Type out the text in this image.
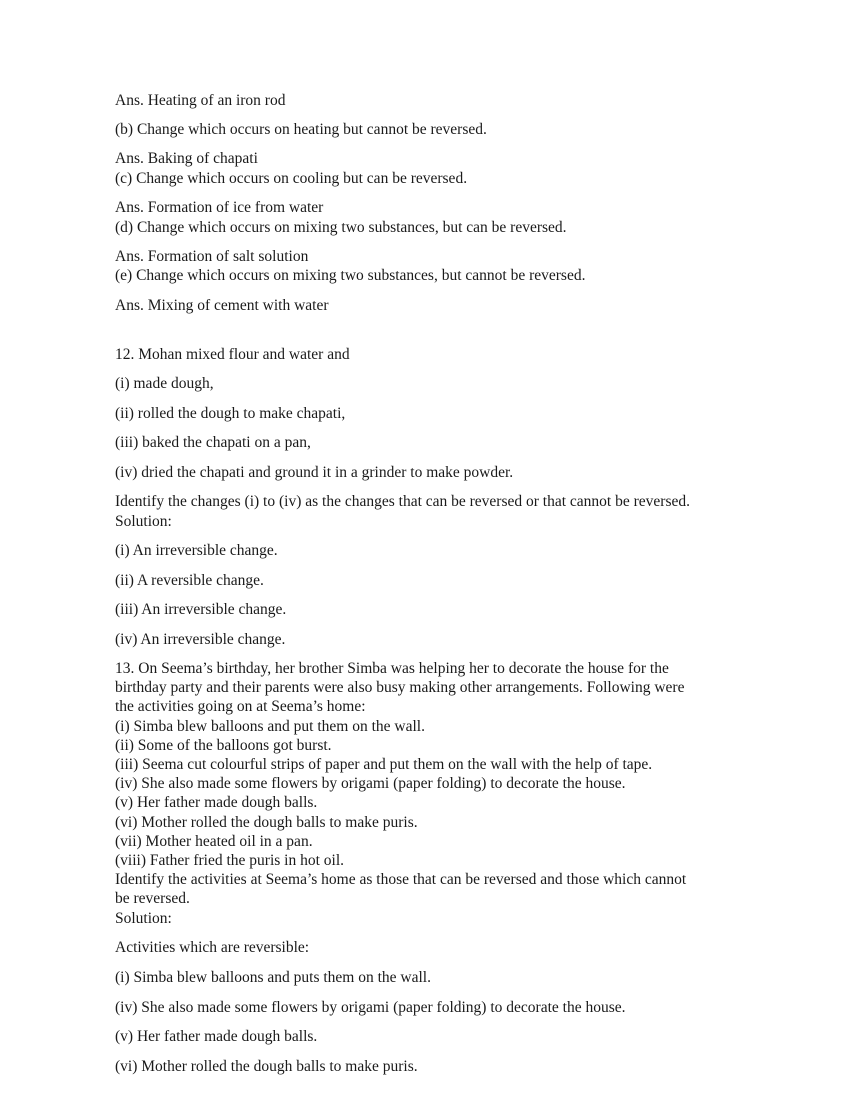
Ans. Heating of an iron rod
(b) Change which occurs on heating but cannot be reversed.
Ans. Baking of chapati
(c) Change which occurs on cooling but can be reversed.
Ans. Formation of ice from water
(d) Change which occurs on mixing two substances, but can be reversed.
Ans. Formation of salt solution
(e) Change which occurs on mixing two substances, but cannot be reversed.
Ans. Mixing of cement with water
12. Mohan mixed flour and water and
(i) made dough,
(ii) rolled the dough to make chapati,
(iii) baked the chapati on a pan,
(iv) dried the chapati and ground it in a grinder to make powder.
Identify the changes (i) to (iv) as the changes that can be reversed or that cannot be reversed.
Solution:
(i) An irreversible change.
(ii) A reversible change.
(iii) An irreversible change.
(iv) An irreversible change.
13. On Seema’s birthday, her brother Simba was helping her to decorate the house for the
birthday party and their parents were also busy making other arrangements. Following were
the activities going on at Seema’s home:
(i) Simba blew balloons and put them on the wall.
(ii) Some of the balloons got burst.
(iii) Seema cut colourful strips of paper and put them on the wall with the help of tape.
(iv) She also made some flowers by origami (paper folding) to decorate the house.
(v) Her father made dough balls.
(vi) Mother rolled the dough balls to make puris.
(vii) Mother heated oil in a pan.
(viii) Father fried the puris in hot oil.
Identify the activities at Seema’s home as those that can be reversed and those which cannot
be reversed.
Solution:
Activities which are reversible:
(i) Simba blew balloons and puts them on the wall.
(iv) She also made some flowers by origami (paper folding) to decorate the house.
(v) Her father made dough balls.
(vi) Mother rolled the dough balls to make puris.
